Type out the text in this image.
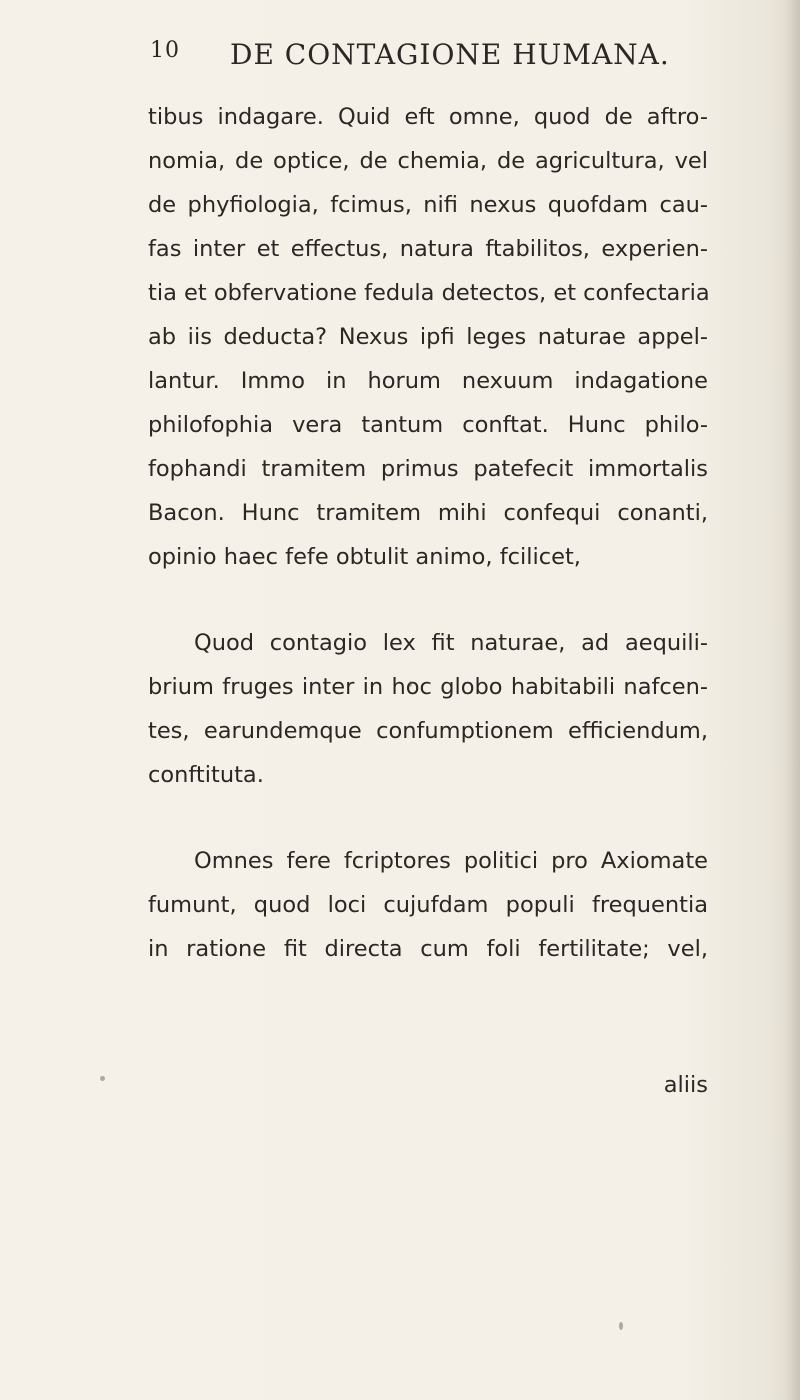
10 DE CONTAGIONE HUMANA.
tibus indagare. Quid eft omne, quod de aftro-
nomia, de optice, de chemia, de agricultura, vel
de phyfiologia, fcimus, nifi nexus quofdam cau-
fas inter et effectus, natura ftabilitos, experien-
tia et obfervatione fedula detectos, et confectaria
ab iis deducta? Nexus ipfi leges naturae appel-
lantur. Immo in horum nexuum indagatione
philofophia vera tantum conftat. Hunc philo-
fophandi tramitem primus patefecit immortalis
Bacon. Hunc tramitem mihi confequi conanti,
opinio haec fefe obtulit animo, fcilicet,
Quod contagio lex fit naturae, ad aequili-
brium fruges inter in hoc globo habitabili nafcen-
tes, earundemque confumptionem efficiendum,
conftituta.
Omnes fere fcriptores politici pro Axiomate
fumunt, quod loci cujufdam populi frequentia
in ratione fit directa cum foli fertilitate; vel,
aliis
